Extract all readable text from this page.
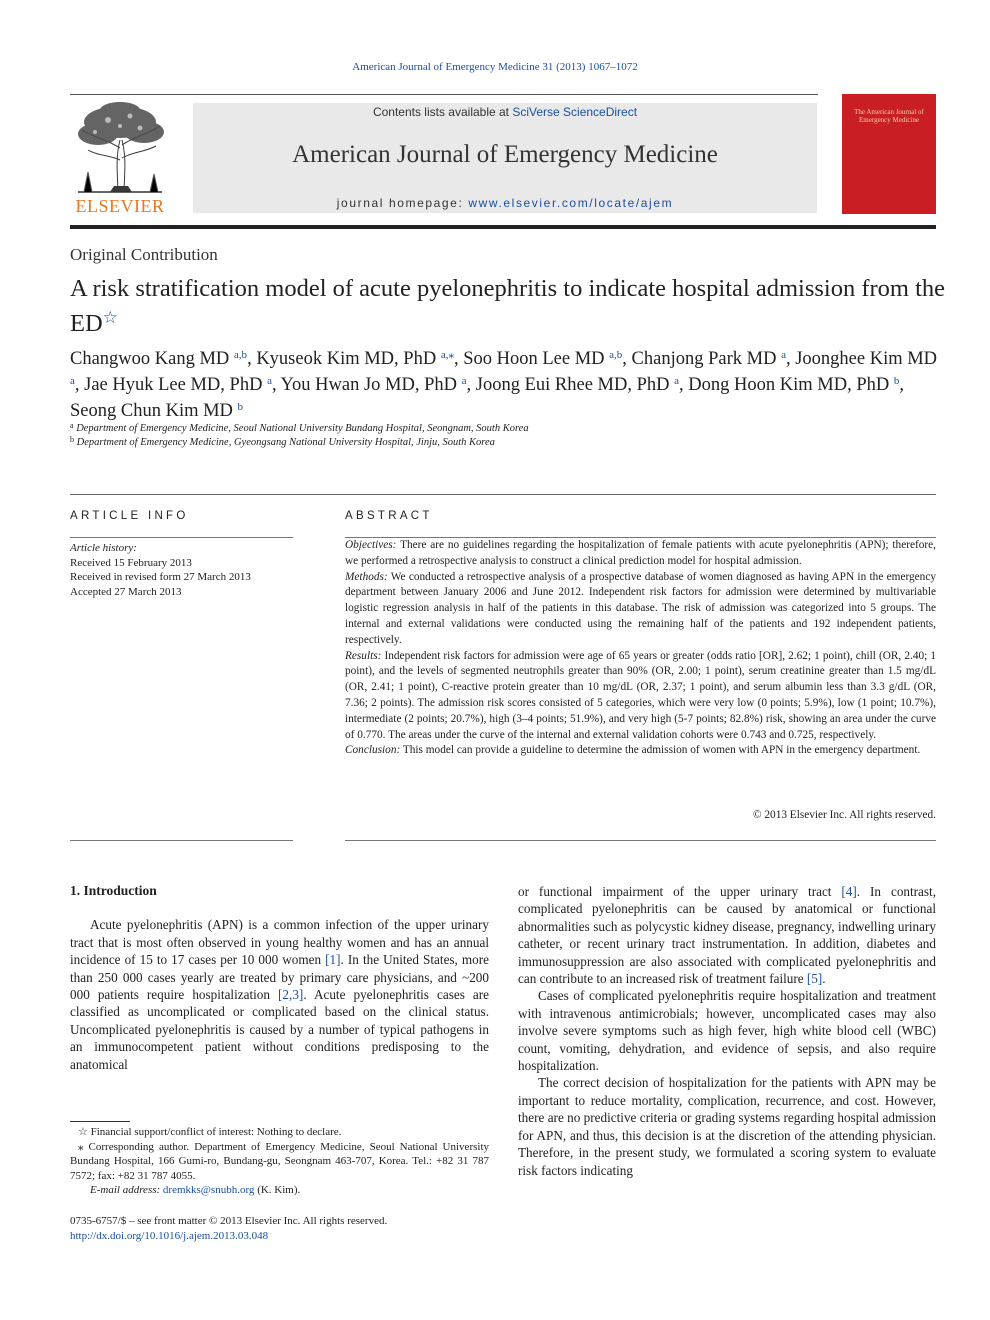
American Journal of Emergency Medicine 31 (2013) 1067–1072
ELSEVIER
Contents lists available at SciVerse ScienceDirect
American Journal of Emergency Medicine
journal homepage: www.elsevier.com/locate/ajem
The American Journal of Emergency Medicine
Original Contribution
A risk stratification model of acute pyelonephritis to indicate hospital admission from the ED☆
Changwoo Kang MD $^{a,b}$, Kyuseok Kim MD, PhD $^{a,⁎}$, Soo Hoon Lee MD $^{a,b}$, Chanjong Park MD $^a$, Joonghee Kim MD $^a$, Jae Hyuk Lee MD, PhD $^a$, You Hwan Jo MD, PhD $^a$, Joong Eui Rhee MD, PhD $^a$, Dong Hoon Kim MD, PhD $^b$, Seong Chun Kim MD $^b$
$^a$ Department of Emergency Medicine, Seoul National University Bundang Hospital, Seongnam, South Korea
$^b$ Department of Emergency Medicine, Gyeongsang National University Hospital, Jinju, South Korea
ARTICLE INFO
Article history:
Received 15 February 2013
Received in revised form 27 March 2013
Accepted 27 March 2013
ABSTRACT

Objectives: There are no guidelines regarding the hospitalization of female patients with acute pyelonephritis (APN); therefore, we performed a retrospective analysis to construct a clinical prediction model for hospital admission.

Methods: We conducted a retrospective analysis of a prospective database of women diagnosed as having APN in the emergency department between January 2006 and June 2012. Independent risk factors for admission were determined by multivariable logistic regression analysis in half of the patients in this database. The risk of admission was categorized into 5 groups. The internal and external validations were conducted using the remaining half of the patients and 192 independent patients, respectively.

Results: Independent risk factors for admission were age of 65 years or greater (odds ratio [OR], 2.62; 1 point), chill (OR, 2.40; 1 point), and the levels of segmented neutrophils greater than 90% (OR, 2.00; 1 point), serum creatinine greater than 1.5 mg/dL (OR, 2.41; 1 point), C-reactive protein greater than 10 mg/dL (OR, 2.37; 1 point), and serum albumin less than 3.3 g/dL (OR, 7.36; 2 points). The admission risk scores consisted of 5 categories, which were very low (0 points; 5.9%), low (1 point; 10.7%), intermediate (2 points; 20.7%), high (3–4 points; 51.9%), and very high (5-7 points; 82.8%) risk, showing an area under the curve of 0.770. The areas under the curve of the internal and external validation cohorts were 0.743 and 0.725, respectively.

Conclusion: This model can provide a guideline to determine the admission of women with APN in the emergency department.

© 2013 Elsevier Inc. All rights reserved.

1. Introduction

Acute pyelonephritis (APN) is a common infection of the upper urinary tract that is most often observed in young healthy women and has an annual incidence of 15 to 17 cases per 10 000 women [1]. In the United States, more than 250 000 cases yearly are treated by primary care physicians, and ~200 000 patients require hospitalization [2,3]. Acute pyelonephritis cases are classified as uncomplicated or complicated based on the clinical status. Uncomplicated pyelonephritis is caused by a number of typical pathogens in an immunocompetent patient without conditions predisposing to the anatomical

or functional impairment of the upper urinary tract [4]. In contrast, complicated pyelonephritis can be caused by anatomical or functional abnormalities such as polycystic kidney disease, pregnancy, indwelling urinary catheter, or recent urinary tract instrumentation. In addition, diabetes and immunosuppression are also associated with complicated pyelonephritis and can contribute to an increased risk of treatment failure [5].

Cases of complicated pyelonephritis require hospitalization and treatment with intravenous antimicrobials; however, uncomplicated cases may also involve severe symptoms such as high fever, high white blood cell (WBC) count, vomiting, dehydration, and evidence of sepsis, and also require hospitalization.

The correct decision of hospitalization for the patients with APN may be important to reduce mortality, complication, recurrence, and cost. However, there are no predictive criteria or grading systems regarding hospital admission for APN, and thus, this decision is at the discretion of the attending physician. Therefore, in the present study, we formulated a scoring system to evaluate risk factors indicating

☆ Financial support/conflict of interest: Nothing to declare.

⁎ Corresponding author. Department of Emergency Medicine, Seoul National University Bundang Hospital, 166 Gumi-ro, Bundang-gu, Seongnam 463-707, Korea. Tel.: +82 31 787 7572; fax: +82 31 787 4055.

E-mail address: dremkks@snubh.org (K. Kim).

0735-6757/$ – see front matter © 2013 Elsevier Inc. All rights reserved.
http://dx.doi.org/10.1016/j.ajem.2013.03.048
